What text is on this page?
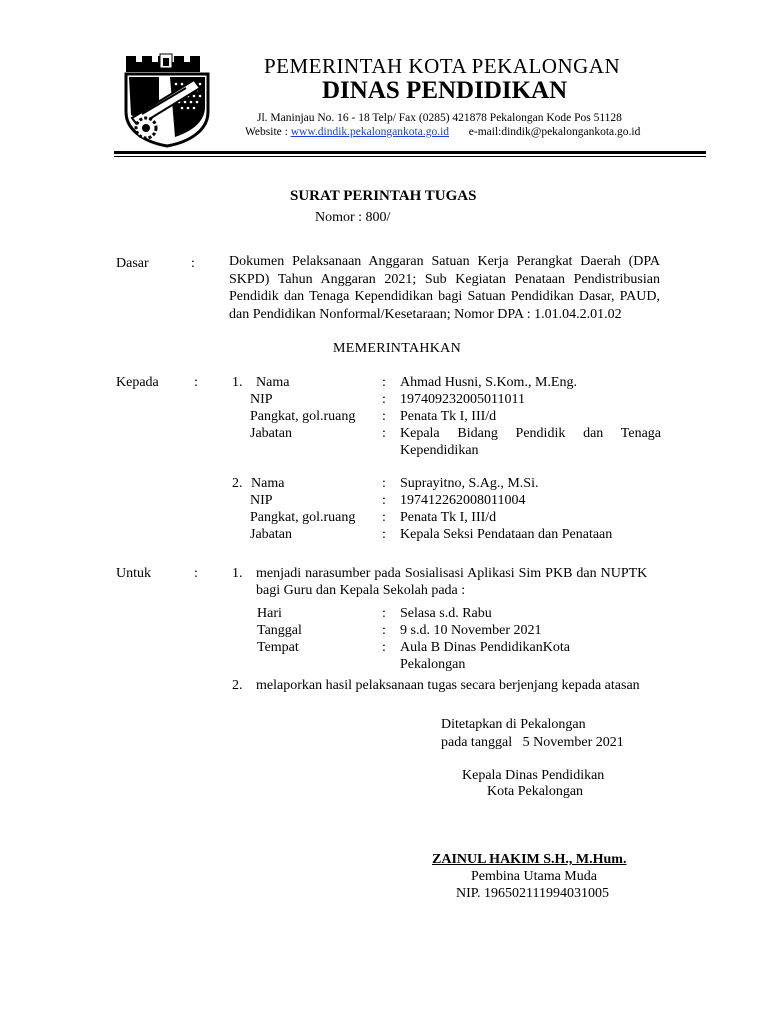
PEMERINTAH KOTA PEKALONGAN
DINAS PENDIDIKAN
Jl. Maninjau No. 16 - 18 Telp/ Fax (0285) 421878 Pekalongan Kode Pos 51128
Website : www.dindik.pekalongankota.go.id e-mail:dindik@pekalongankota.go.id
SURAT PERINTAH TUGAS
Nomor : 800/
Dasar	: Dokumen Pelaksanaan Anggaran Satuan Kerja Perangkat Daerah (DPA SKPD) Tahun Anggaran 2021; Sub Kegiatan Penataan Pendistribusian Pendidik dan Tenaga Kependidikan bagi Satuan Pendidikan Dasar, PAUD, dan Pendidikan Nonformal/Kesetaraan; Nomor DPA : 1.01.04.2.01.02
MEMERINTAHKAN
Kepada	: 1. Nama	: Ahmad Husni, S.Kom., M.Eng.
NIP	: 197409232005011011
Pangkat, gol.ruang : Penata Tk I, III/d
Jabatan	: Kepala Bidang Pendidik dan Tenaga Kependidikan
2. Nama	: Suprayitno, S.Ag., M.Si.
NIP	: 197412262008011004
Pangkat, gol.ruang : Penata Tk I, III/d
Jabatan	: Kepala Seksi Pendataan dan Penataan
Untuk	: 1. menjadi narasumber pada Sosialisasi Aplikasi Sim PKB dan NUPTK
bagi Guru dan Kepala Sekolah pada :
Hari	: Selasa s.d. Rabu
Tanggal	: 9 s.d. 10 November 2021
Tempat	: Aula B Dinas PendidikanKota
Pekalongan
2. melaporkan hasil pelaksanaan tugas secara berjenjang kepada atasan
Ditetapkan di Pekalongan
pada tanggal   5 November 2021
Kepala Dinas Pendidikan
Kota Pekalongan
ZAINUL HAKIM S.H., M.Hum.
Pembina Utama Muda
NIP. 196502111994031005
